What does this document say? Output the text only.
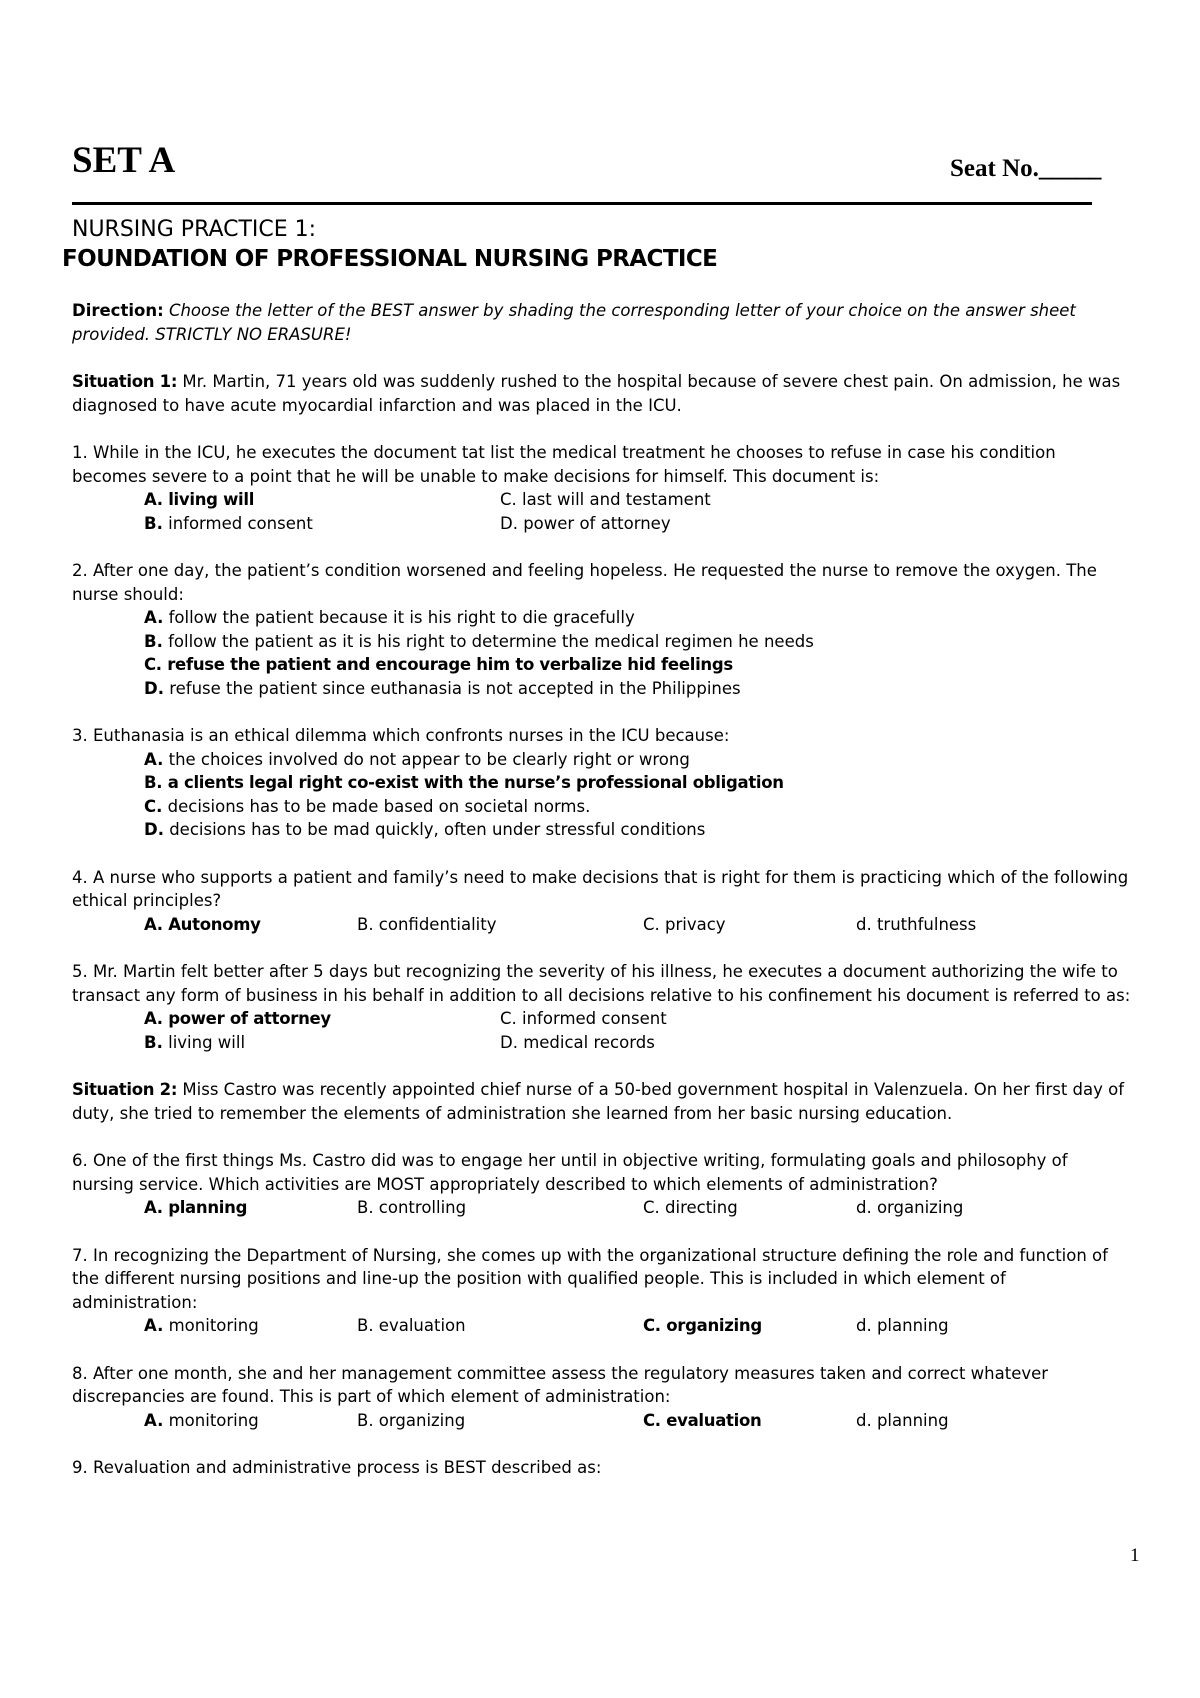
SET A	Seat No._____
NURSING PRACTICE 1:
FOUNDATION OF PROFESSIONAL NURSING PRACTICE

Direction: Choose the letter of the BEST answer by shading the corresponding letter of your choice on the answer sheet provided. STRICTLY NO ERASURE!

Situation 1: Mr. Martin, 71 years old was suddenly rushed to the hospital because of severe chest pain. On admission, he was diagnosed to have acute myocardial infarction and was placed in the ICU.

1. While in the ICU, he executes the document tat list the medical treatment he chooses to refuse in case his condition becomes severe to a point that he will be unable to make decisions for himself. This document is:

A. living will	C. last will and testament
B. informed consent	D. power of attorney

2. After one day, the patient’s condition worsened and feeling hopeless. He requested the nurse to remove the oxygen. The nurse should:

A. follow the patient because it is his right to die gracefully
B. follow the patient as it is his right to determine the medical regimen he needs
C. refuse the patient and encourage him to verbalize hid feelings
D. refuse the patient since euthanasia is not accepted in the Philippines

3. Euthanasia is an ethical dilemma which confronts nurses in the ICU because:

A. the choices involved do not appear to be clearly right or wrong
B. a clients legal right co-exist with the nurse’s professional obligation
C. decisions has to be made based on societal norms.
D. decisions has to be mad quickly, often under stressful conditions

4. A nurse who supports a patient and family’s need to make decisions that is right for them is practicing which of the following ethical principles?

A. Autonomy	B. confidentiality	C. privacy	d. truthfulness

5. Mr. Martin felt better after 5 days but recognizing the severity of his illness, he executes a document authorizing the wife to transact any form of business in his behalf in addition to all decisions relative to his confinement his document is referred to as:

A. power of attorney	C. informed consent
B. living will	D. medical records

Situation 2: Miss Castro was recently appointed chief nurse of a 50-bed government hospital in Valenzuela. On her first day of duty, she tried to remember the elements of administration she learned from her basic nursing education.

6. One of the first things Ms. Castro did was to engage her until in objective writing, formulating goals and philosophy of nursing service. Which activities are MOST appropriately described to which elements of administration?

A. planning	B. controlling	C. directing	d. organizing

7. In recognizing the Department of Nursing, she comes up with the organizational structure defining the role and function of the different nursing positions and line-up the position with qualified people. This is included in which element of administration:

A. monitoring	B. evaluation	C. organizing	d. planning

8. After one month, she and her management committee assess the regulatory measures taken and correct whatever discrepancies are found. This is part of which element of administration:

A. monitoring	B. organizing	C. evaluation	d. planning

9. Revaluation and administrative process is BEST described as:

1
